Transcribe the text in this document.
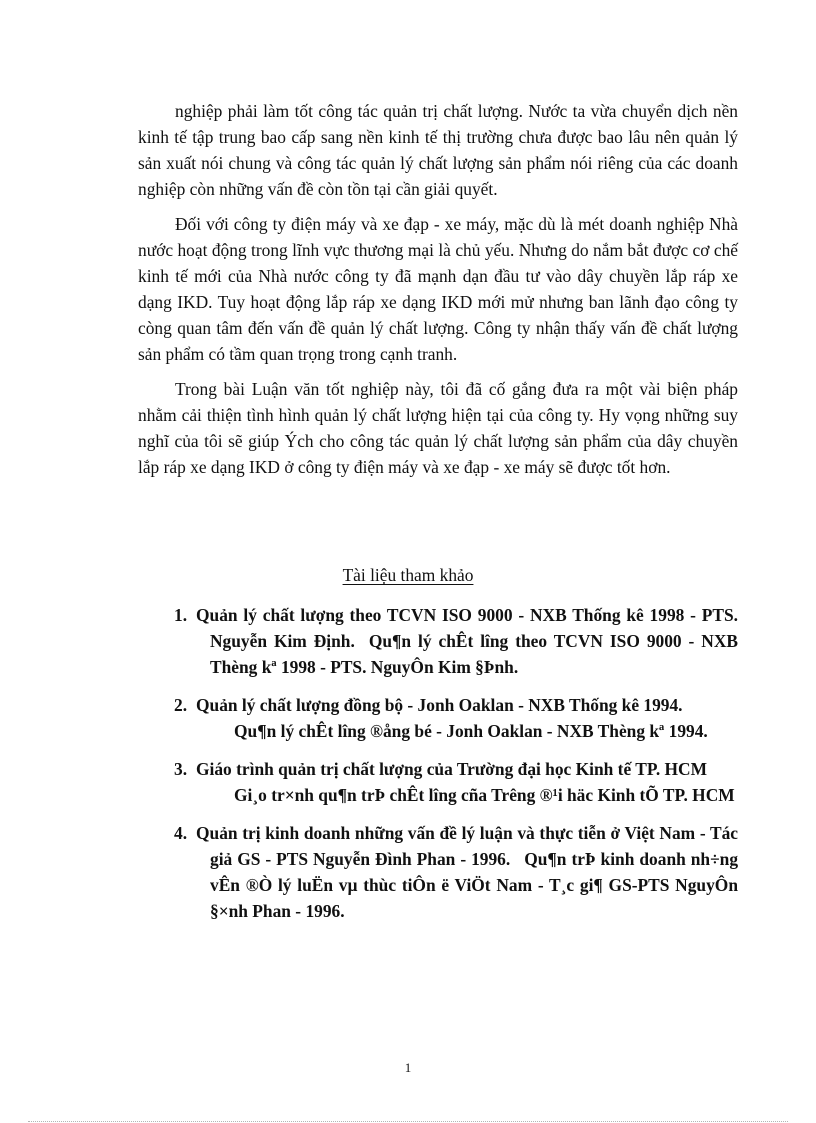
nghiệp phải làm tốt công tác quản trị chất lượng. Nước ta vừa chuyển dịch nền kinh tế tập trung bao cấp sang nền kinh tế thị trường chưa được bao lâu nên quản lý sản xuất nói chung và công tác quản lý chất lượng sản phẩm nói riêng của các doanh nghiệp còn những vấn đề còn tồn tại cần giải quyết.

Đối với công ty điện máy và xe đạp - xe máy, mặc dù là mét doanh nghiệp Nhà nước hoạt động trong lĩnh vực thương mại là chủ yếu. Nhưng do nắm bắt được cơ chế kinh tế mới của Nhà nước công ty đã mạnh dạn đầu tư vào dây chuyền lắp ráp xe dạng IKD. Tuy hoạt động lắp ráp xe dạng IKD mới mử nhưng ban lãnh đạo công ty còng quan tâm đến vấn đề quản lý chất lượng. Công ty nhận thấy vấn đề chất lượng sản phẩm có tầm quan trọng trong cạnh tranh.

Trong bài Luận văn tốt nghiệp này, tôi đã cố gắng đưa ra một vài biện pháp nhằm cải thiện tình hình quản lý chất lượng hiện tại của công ty. Hy vọng những suy nghĩ của tôi sẽ giúp Ých cho công tác quản lý chất lượng sản phẩm của dây chuyền lắp ráp xe dạng IKD ở công ty điện máy và xe đạp - xe máy sẽ được tốt hơn.

Tài liệu tham khảo
1. Quản lý chất lượng theo TCVN ISO 9000 - NXB Thống kê 1998 - PTS. Nguyễn Kim Định. Qu¶n lý chÊt lîng theo TCVN ISO 9000 - NXB Thèng kª 1998 - PTS. NguyÔn Kim §Þnh.
2. Quản lý chất lượng đồng bộ - Jonh Oaklan - NXB Thống kê 1994.
Qu¶n lý chÊt lîng ®ång bé - Jonh Oaklan - NXB Thèng kª 1994.
3. Giáo trình quản trị chất lượng của Trường đại học Kinh tế TP. HCM
Gi¸o tr×nh qu¶n trÞ chÊt lîng cña Trêng ®¹i häc Kinh tÕ TP. HCM
4. Quản trị kinh doanh những vấn đề lý luận và thực tiễn ở Việt Nam - Tác giả GS - PTS Nguyễn Đình Phan - 1996. Qu¶n trÞ kinh doanh nh÷ng vÊn ®Ò lý luËn vµ thùc tiÔn ë ViÖt Nam - T¸c gi¶ GS-PTS NguyÔn §×nh Phan - 1996.
1
